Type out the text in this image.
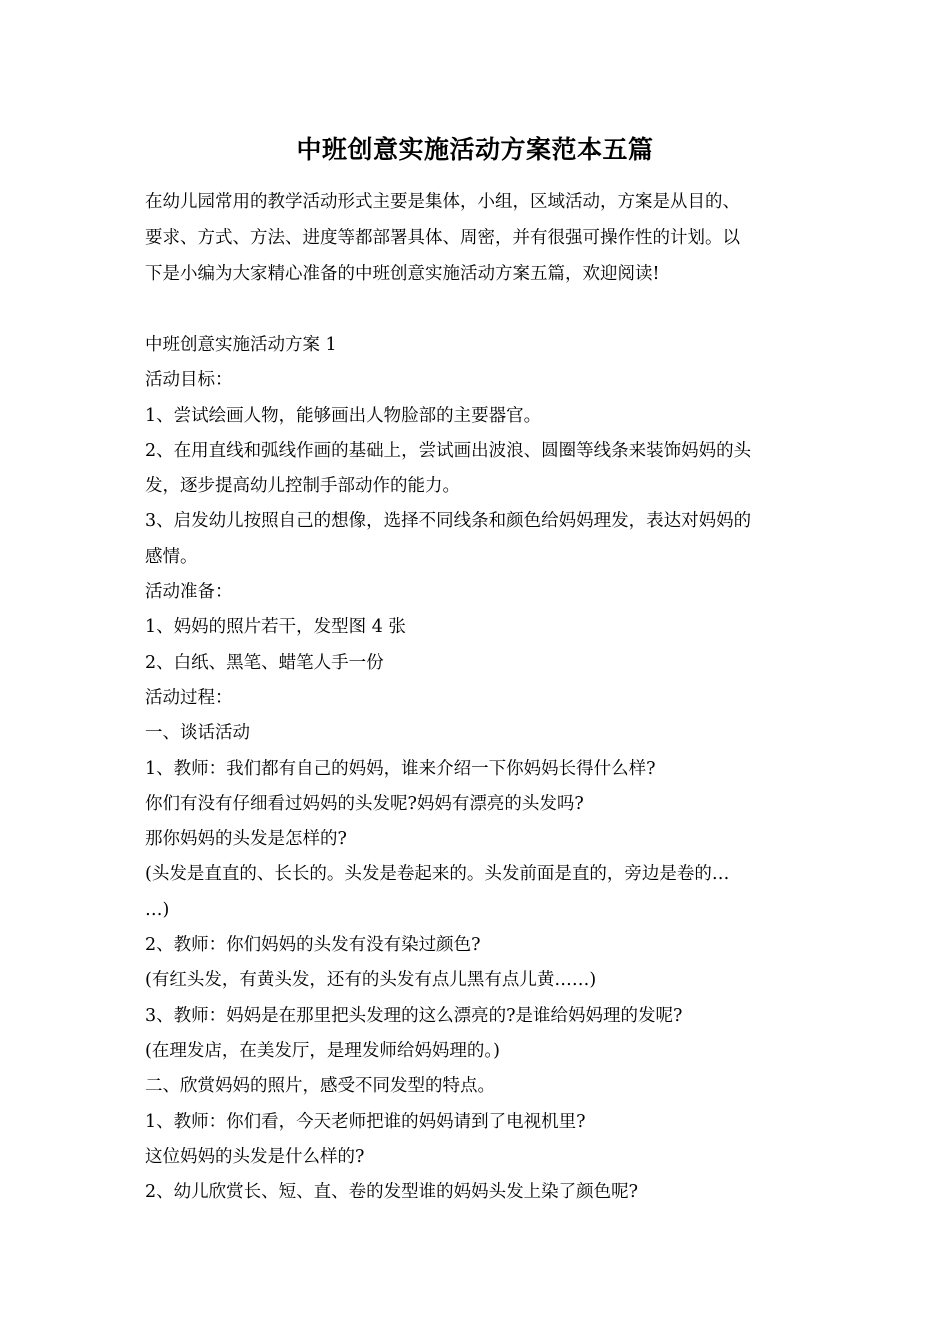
中班创意实施活动方案范本五篇

在幼儿园常用的教学活动形式主要是集体，小组，区域活动，方案是从目的、

要求、方式、方法、进度等都部署具体、周密，并有很强可操作性的计划。以

下是小编为大家精心准备的中班创意实施活动方案五篇，欢迎阅读!

中班创意实施活动方案 1

活动目标：

1、尝试绘画人物，能够画出人物脸部的主要器官。

2、在用直线和弧线作画的基础上，尝试画出波浪、圆圈等线条来装饰妈妈的头

发，逐步提高幼儿控制手部动作的能力。

3、启发幼儿按照自己的想像，选择不同线条和颜色给妈妈理发，表达对妈妈的

感情。

活动准备：

1、妈妈的照片若干，发型图 4 张

2、白纸、黑笔、蜡笔人手一份

活动过程：

一、谈话活动

1、教师：我们都有自己的妈妈，谁来介绍一下你妈妈长得什么样?

你们有没有仔细看过妈妈的头发呢?妈妈有漂亮的头发吗?

那你妈妈的头发是怎样的?

(头发是直直的、长长的。头发是卷起来的。头发前面是直的，旁边是卷的…

…)

2、教师：你们妈妈的头发有没有染过颜色?

(有红头发，有黄头发，还有的头发有点儿黑有点儿黄……)

3、教师：妈妈是在那里把头发理的这么漂亮的?是谁给妈妈理的发呢?

(在理发店，在美发厅，是理发师给妈妈理的。)

二、欣赏妈妈的照片，感受不同发型的特点。

1、教师：你们看，今天老师把谁的妈妈请到了电视机里?

这位妈妈的头发是什么样的?

2、幼儿欣赏长、短、直、卷的发型谁的妈妈头发上染了颜色呢?
